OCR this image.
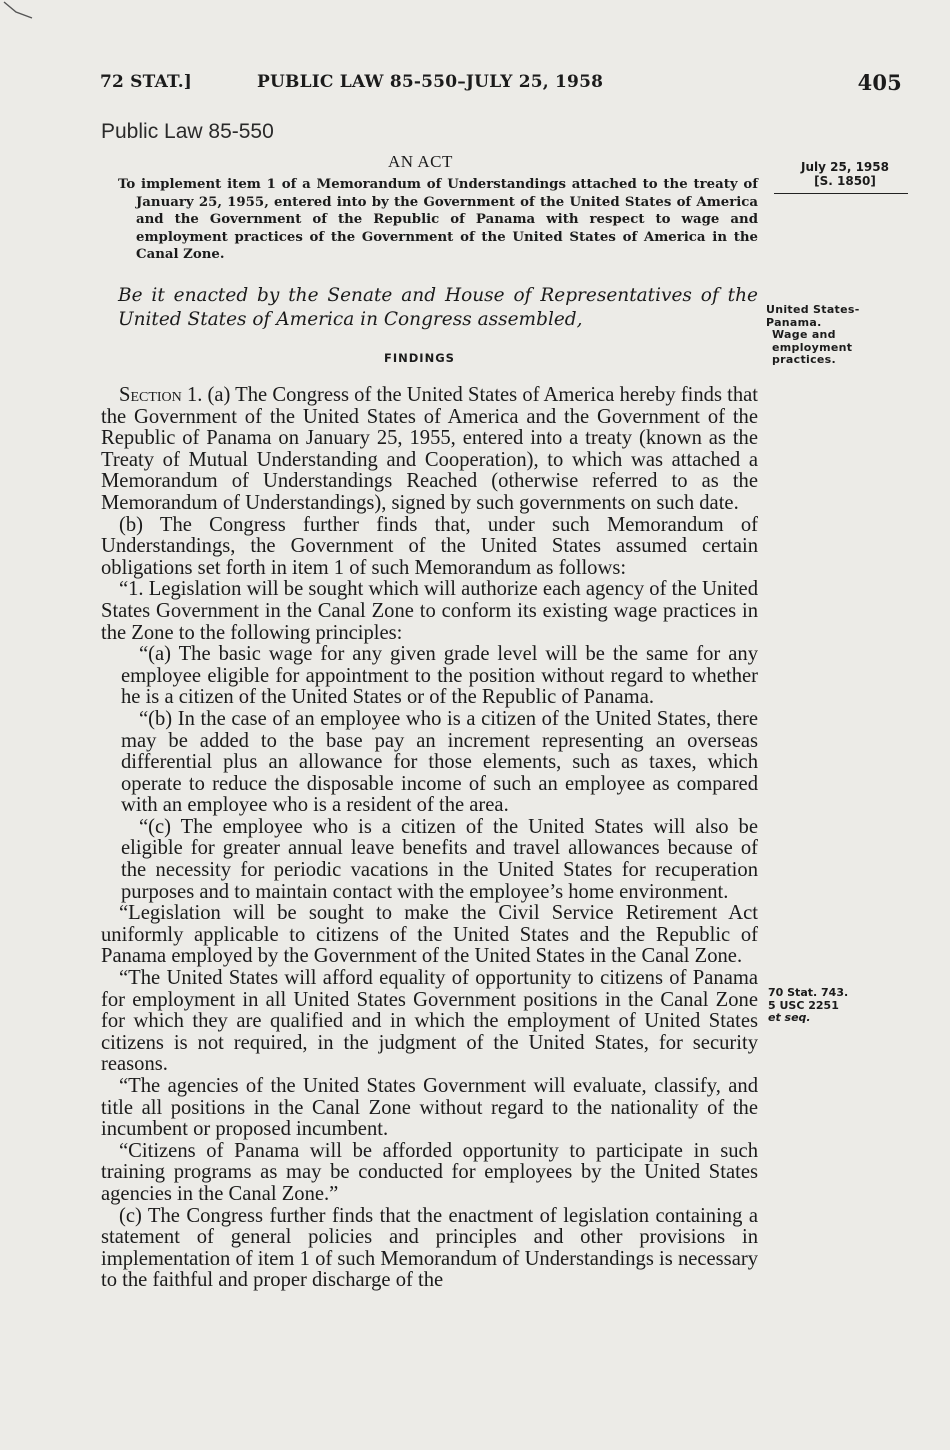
72 STAT.]	PUBLIC LAW 85-550–JULY 25, 1958	405
Public Law 85-550
AN ACT
To implement item 1 of a Memorandum of Understandings attached to the treaty of January 25, 1955, entered into by the Government of the United States of America and the Government of the Republic of Panama with respect to wage and employment practices of the Government of the United States of America in the Canal Zone.
July 25, 1958
[S. 1850]
Be it enacted by the Senate and House of Representatives of the United States of America in Congress assembled,	United States-Panama.
Wage and employment practices.
FINDINGS

Section 1. (a) The Congress of the United States of America hereby finds that the Government of the United States of America and the Government of the Republic of Panama on January 25, 1955, entered into a treaty (known as the Treaty of Mutual Understanding and Cooperation), to which was attached a Memorandum of Understandings Reached (otherwise referred to as the Memorandum of Understandings), signed by such governments on such date.

(b) The Congress further finds that, under such Memorandum of Understandings, the Government of the United States assumed certain obligations set forth in item 1 of such Memorandum as follows:

“1. Legislation will be sought which will authorize each agency of the United States Government in the Canal Zone to conform its existing wage practices in the Zone to the following principles:

“(a) The basic wage for any given grade level will be the same for any employee eligible for appointment to the position without regard to whether he is a citizen of the United States or of the Republic of Panama.

“(b) In the case of an employee who is a citizen of the United States, there may be added to the base pay an increment representing an overseas differential plus an allowance for those elements, such as taxes, which operate to reduce the disposable income of such an employee as compared with an employee who is a resident of the area.

“(c) The employee who is a citizen of the United States will also be eligible for greater annual leave benefits and travel allowances because of the necessity for periodic vacations in the United States for recuperation purposes and to maintain contact with the employee’s home environment.

“Legislation will be sought to make the Civil Service Retirement Act uniformly applicable to citizens of the United States and the Republic of Panama employed by the Government of the United States in the Canal Zone.

“The United States will afford equality of opportunity to citizens of Panama for employment in all United States Government positions in the Canal Zone for which they are qualified and in which the employment of United States citizens is not required, in the judgment of the United States, for security reasons.

“The agencies of the United States Government will evaluate, classify, and title all positions in the Canal Zone without regard to the nationality of the incumbent or proposed incumbent.

“Citizens of Panama will be afforded opportunity to participate in such training programs as may be conducted for employees by the United States agencies in the Canal Zone.”

(c) The Congress further finds that the enactment of legislation containing a statement of general policies and principles and other provisions in implementation of item 1 of such Memorandum of Understandings is necessary to the faithful and proper discharge of the

70 Stat. 743.
5 USC 2251
et seq.
